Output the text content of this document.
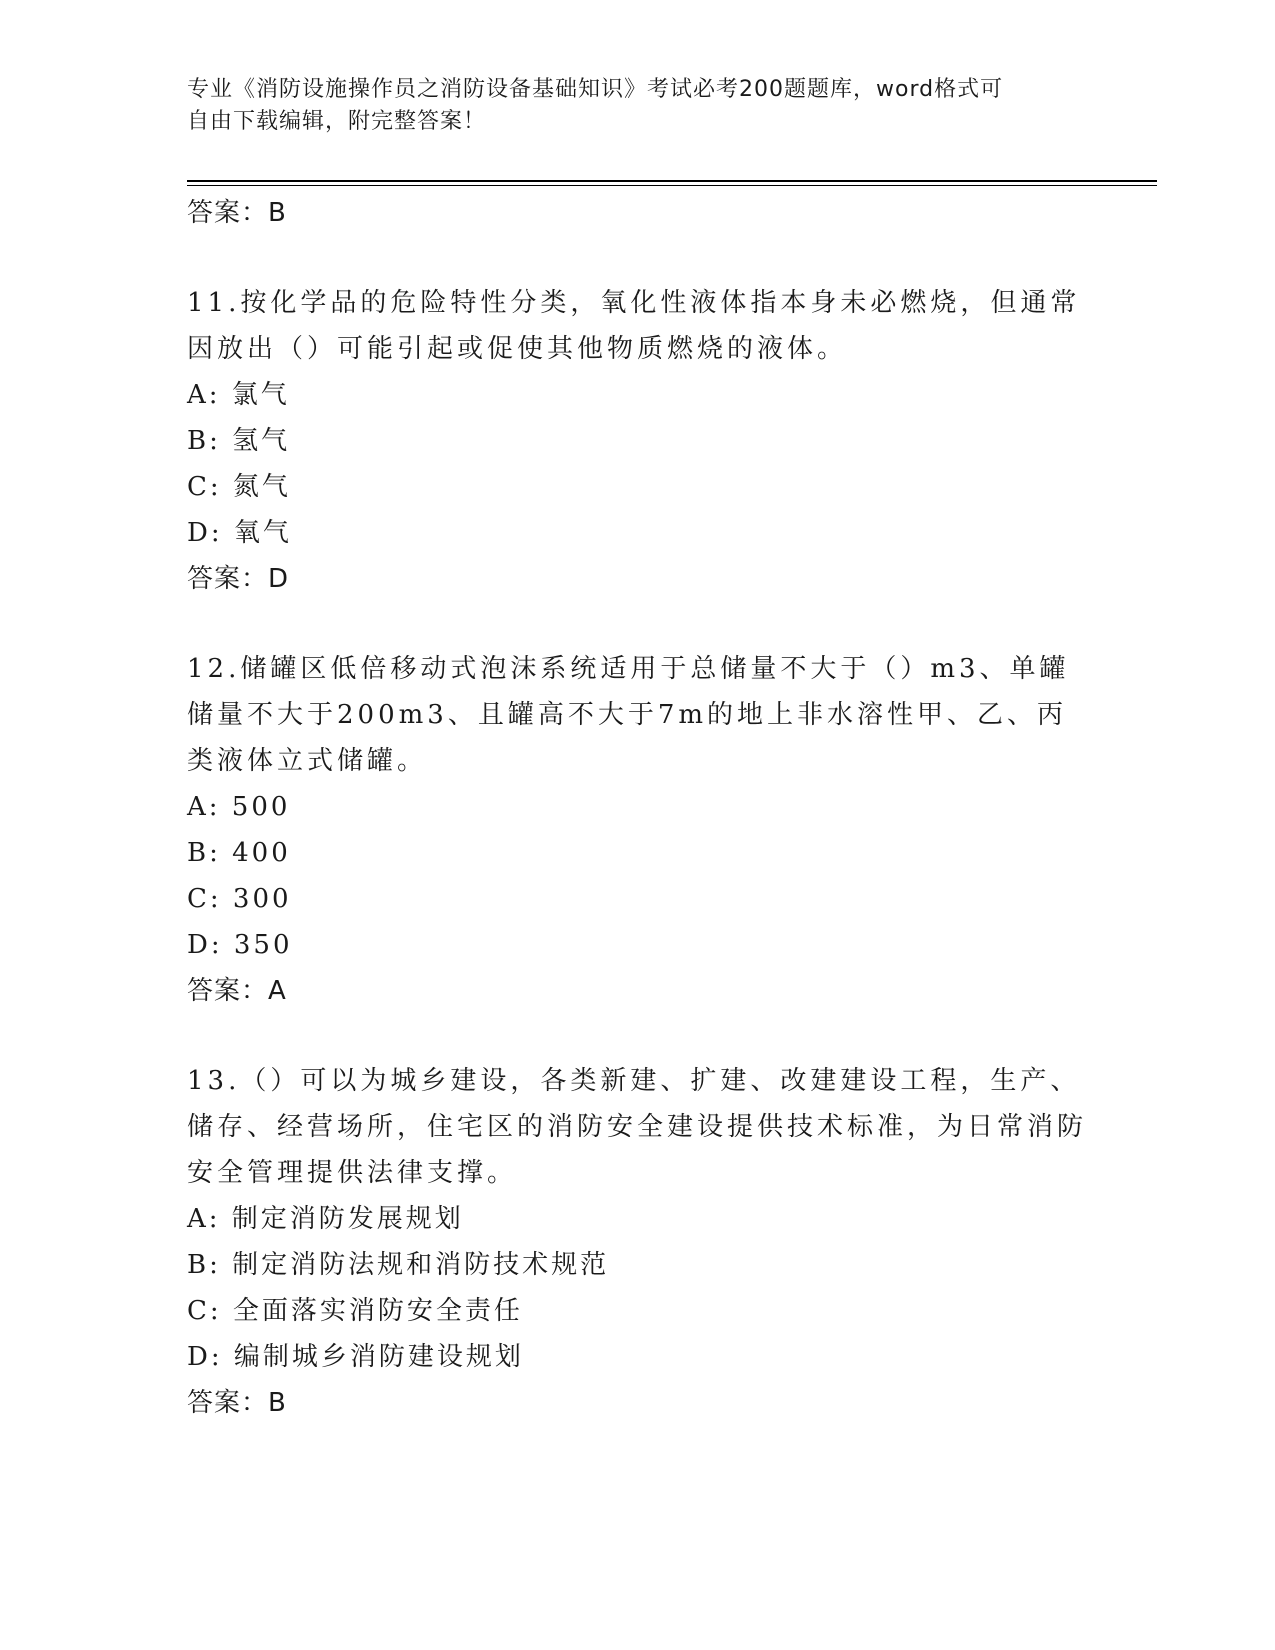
专业《消防设施操作员之消防设备基础知识》考试必考200题题库，word格式可
自由下载编辑，附完整答案！
答案：B

11.按化学品的危险特性分类，氧化性液体指本身未必燃烧，但通常因放出（）可能引起或促使其他物质燃烧的液体。

A: 氯气
B: 氢气
C: 氮气
D: 氧气
答案：D

12.储罐区低倍移动式泡沫系统适用于总储量不大于（）m3、单罐储量不大于200m3、且罐高不大于7m的地上非水溶性甲、乙、丙类液体立式储罐。

A: 500
B: 400
C: 300
D: 350
答案：A

13.（）可以为城乡建设，各类新建、扩建、改建建设工程，生产、储存、经营场所，住宅区的消防安全建设提供技术标准，为日常消防安全管理提供法律支撑。

A: 制定消防发展规划
B: 制定消防法规和消防技术规范
C: 全面落实消防安全责任
D: 编制城乡消防建设规划
答案：B
